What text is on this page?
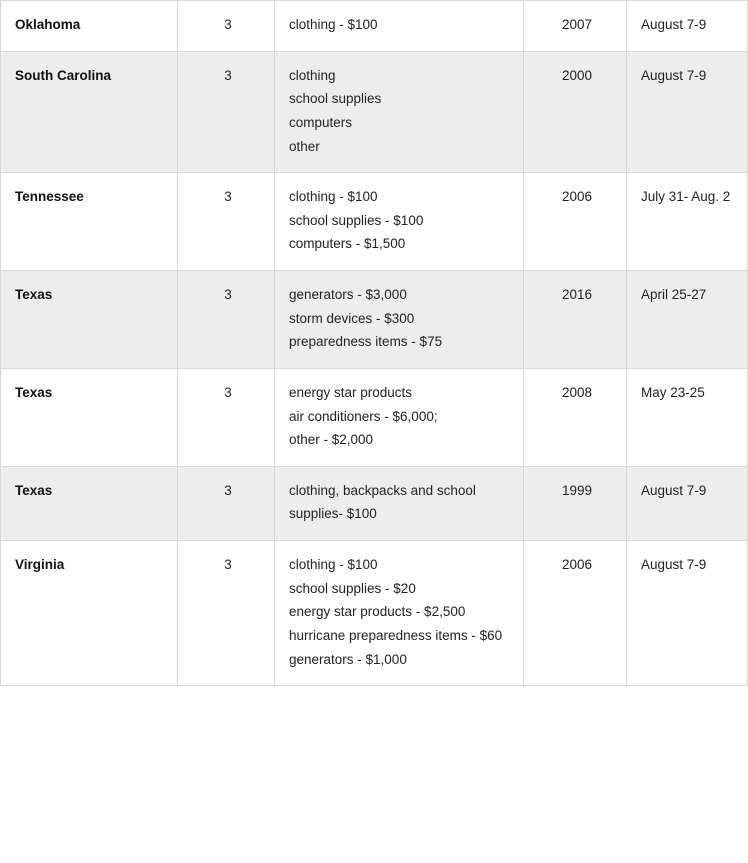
Oklahoma	3	clothing - $100	2007	August 7-9
South Carolina	3	clothing
school supplies
computers
other	2000	August 7-9
Tennessee	3	clothing - $100
school supplies - $100
computers - $1,500	2006	July 31- Aug. 2
Texas	3	generators - $3,000
storm devices - $300
preparedness items - $75	2016	April 25-27
Texas	3	energy star products
air conditioners - $6,000;
other - $2,000	2008	May 23-25
Texas	3	clothing, backpacks and school supplies- $100	1999	August 7-9
Virginia	3	clothing - $100
school supplies - $20
energy star products - $2,500
hurricane preparedness items - $60
generators - $1,000	2006	August 7-9
